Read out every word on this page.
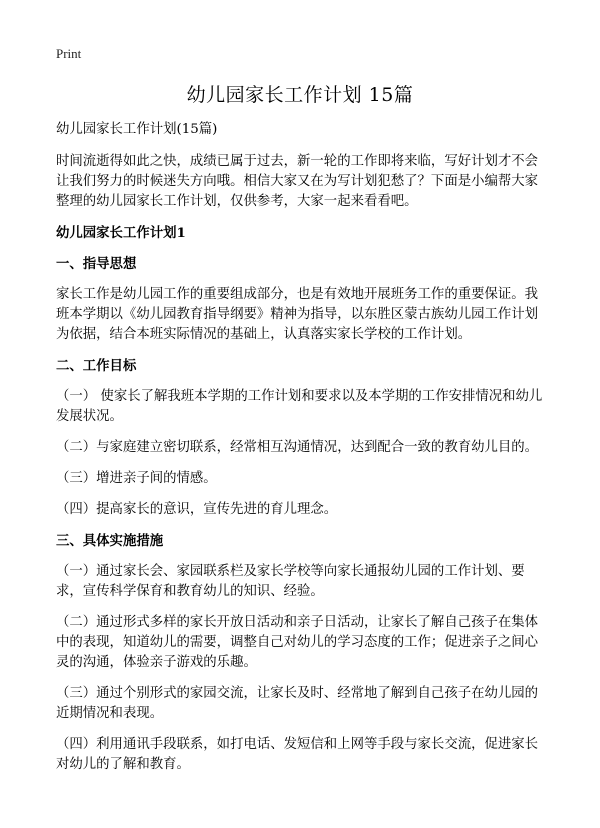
Print
幼儿园家长工作计划 15篇

幼儿园家长工作计划(15篇)

时间流逝得如此之快，成绩已属于过去，新一轮的工作即将来临，写好计划才不会让我们努力的时候迷失方向哦。相信大家又在为写计划犯愁了？下面是小编帮大家整理的幼儿园家长工作计划，仅供参考，大家一起来看看吧。

幼儿园家长工作计划1

一、指导思想

家长工作是幼儿园工作的重要组成部分，也是有效地开展班务工作的重要保证。我班本学期以《幼儿园教育指导纲要》精神为指导，以东胜区蒙古族幼儿园工作计划为依据，结合本班实际情况的基础上，认真落实家长学校的工作计划。

二、工作目标

（一） 使家长了解我班本学期的工作计划和要求以及本学期的工作安排情况和幼儿发展状况。

（二）与家庭建立密切联系，经常相互沟通情况，达到配合一致的教育幼儿目的。

（三）增进亲子间的情感。

（四）提高家长的意识，宣传先进的育儿理念。

三、具体实施措施

（一）通过家长会、家园联系栏及家长学校等向家长通报幼儿园的工作计划、要求，宣传科学保育和教育幼儿的知识、经验。

（二）通过形式多样的家长开放日活动和亲子日活动，让家长了解自己孩子在集体中的表现，知道幼儿的需要，调整自己对幼儿的学习态度的工作；促进亲子之间心灵的沟通，体验亲子游戏的乐趣。

（三）通过个别形式的家园交流，让家长及时、经常地了解到自己孩子在幼儿园的近期情况和表现。

（四）利用通讯手段联系，如打电话、发短信和上网等手段与家长交流，促进家长对幼儿的了解和教育。
